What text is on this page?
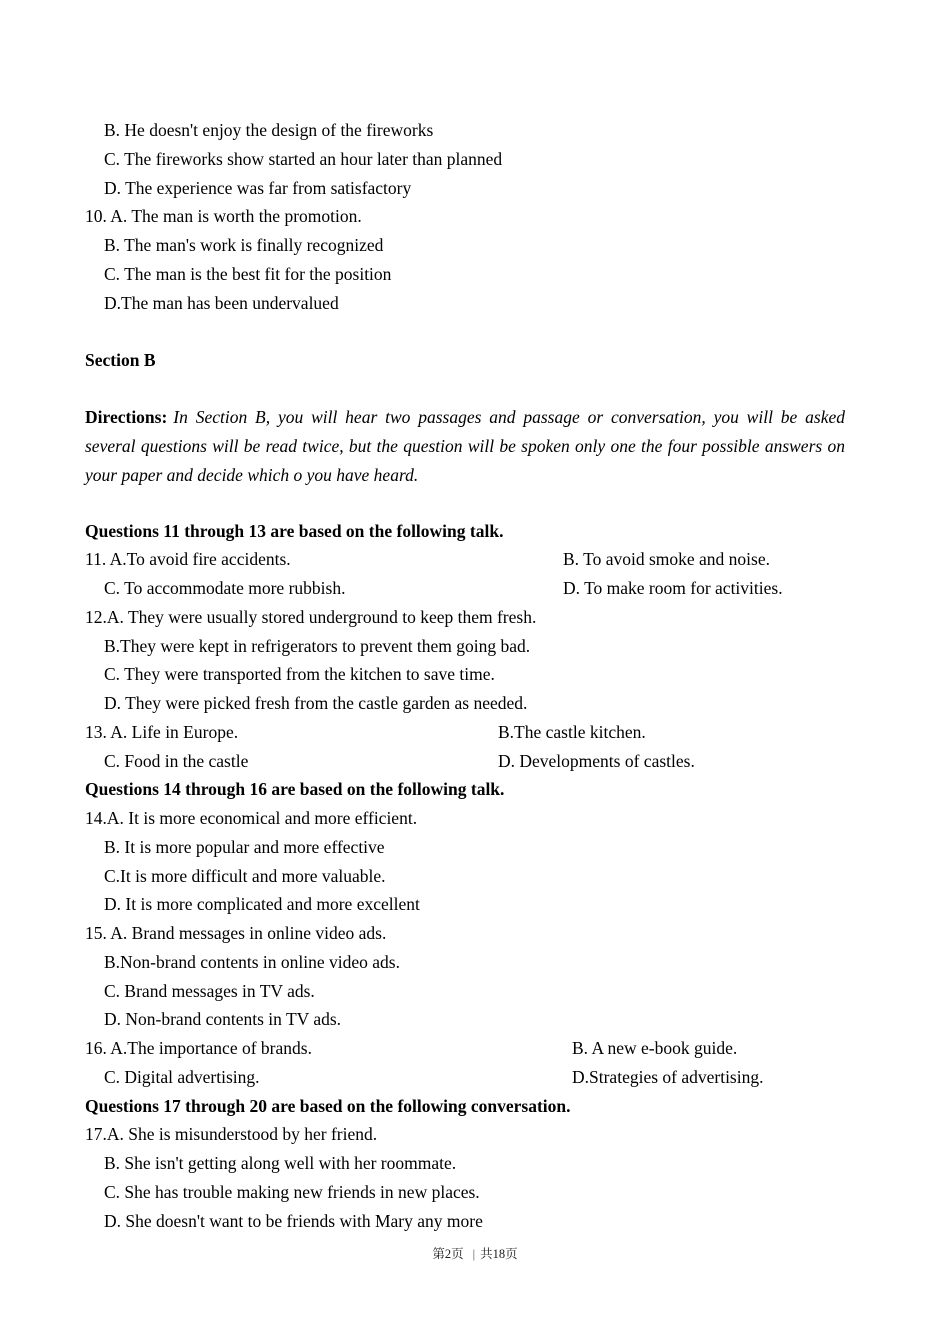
B. He doesn't enjoy the design of the fireworks
C. The fireworks show started an hour later than planned
D. The experience was far from satisfactory
10. A. The man is worth the promotion.
B. The man's work is finally recognized
C. The man is the best fit for the position
D.The man has been undervalued
Section B

Directions: In Section B, you will hear two passages and passage or conversation, you will be asked several questions will be read twice, but the question will be spoken only one the four possible answers on your paper and decide which o you have heard.

Questions 11 through 13 are based on the following talk.
11. A.To avoid fire accidents.	B. To avoid smoke and noise.
C. To accommodate more rubbish.	D. To make room for activities.
12.A. They were usually stored underground to keep them fresh.
B.They were kept in refrigerators to prevent them going bad.
C. They were transported from the kitchen to save time.
D. They were picked fresh from the castle garden as needed.
13. A. Life in Europe.	B.The castle kitchen.
C. Food in the castle	D. Developments of castles.
Questions 14 through 16 are based on the following talk.
14.A. It is more economical and more efficient.
B. It is more popular and more effective
C.It is more difficult and more valuable.
D. It is more complicated and more excellent
15. A. Brand messages in online video ads.
B.Non-brand contents in online video ads.
C. Brand messages in TV ads.
D. Non-brand contents in TV ads.
16. A.The importance of brands.	B. A new e-book guide.
C. Digital advertising.	D.Strategies of advertising.
Questions 17 through 20 are based on the following conversation.
17.A. She is misunderstood by her friend.
B. She isn't getting along well with her roommate.
C. She has trouble making new friends in new places.
D. She doesn't want to be friends with Mary any more
第2页 | 共18页
